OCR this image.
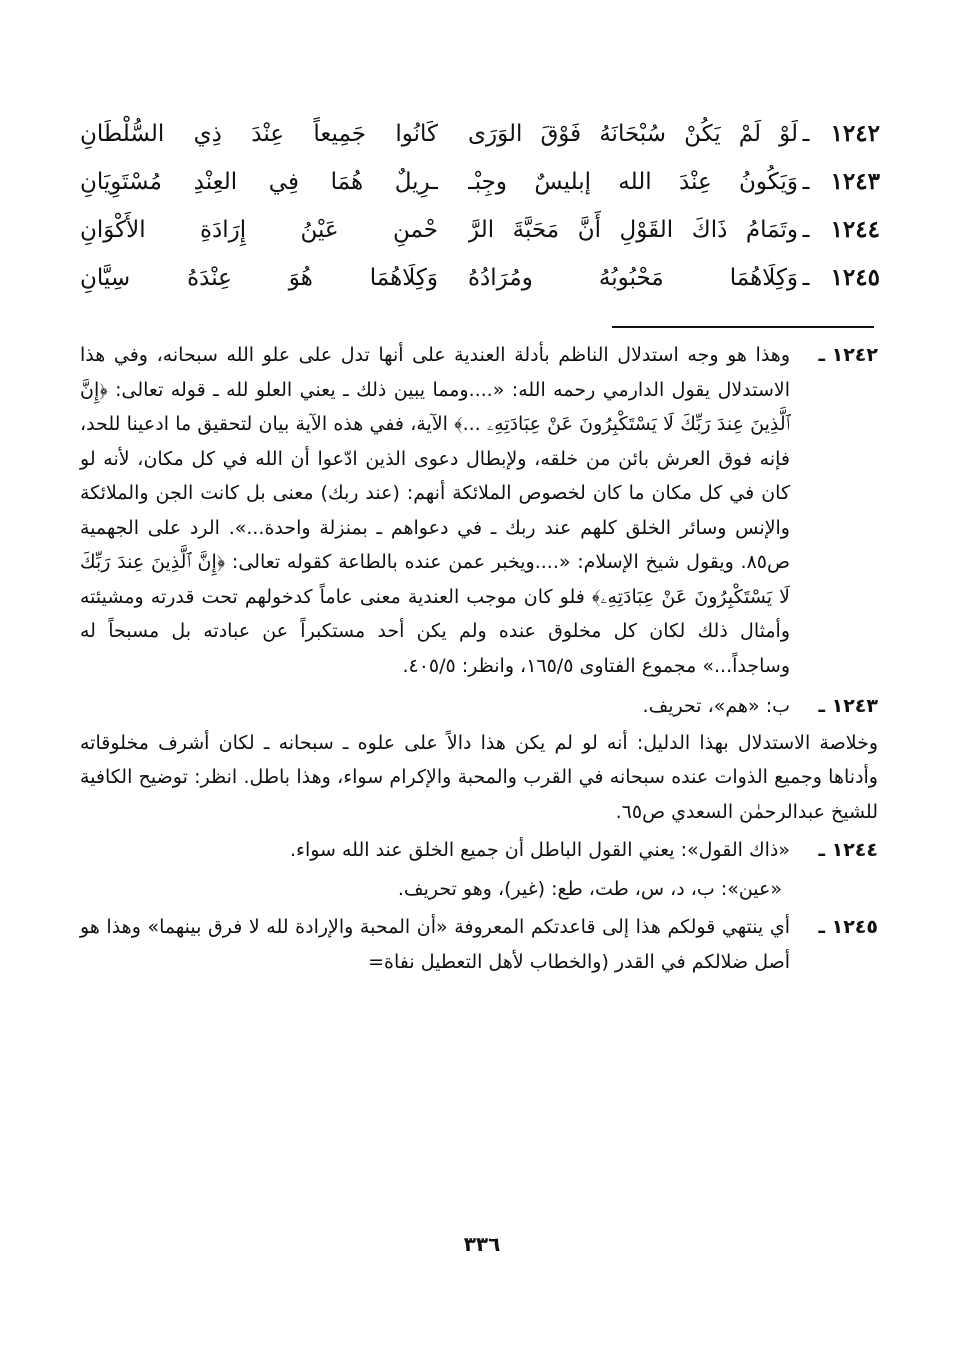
١٢٤٢
ـ
لَوْ لَمْ يَكُنْ سُبْحَانَهُ فَوْقَ الوَرَى
كَانُوا جَمِيعاً عِنْدَ ذِي السُّلْطَانِ
١٢٤٣
ـ
وَيَكُونُ عِنْدَ الله إبليسٌ وجِبْـ
ـرِيلٌ هُمَا فِي العِنْدِ مُسْتَوِيَانِ
١٢٤٤
ـ
وتَمَامُ ذَاكَ القَوْلِ أَنَّ مَحَبَّةَ الرَّ
حْمنِ عَيْنُ إِرَادَةِ الأَكْوَانِ
١٢٤٥
ـ
وَكِلَاهُمَا مَحْبُوبُهُ ومُرَادُهُ
وَكِلَاهُمَا هُوَ عِنْدَهُ سِيَّانِ
١٢٤٢ ـ
وهذا هو وجه استدلال الناظم بأدلة العندية على أنها تدل على علو الله سبحانه، وفي هذا الاستدلال يقول الدارمي رحمه الله: «....ومما يبين ذلك ـ يعني العلو لله ـ قوله تعالى: ﴿إِنَّ ٱلَّذِينَ عِندَ رَبِّكَ لَا يَسْتَكْبِرُونَ عَنْ عِبَادَتِهِۦ ...﴾ الآية، ففي هذه الآية بيان لتحقيق ما ادعينا للحد، فإنه فوق العرش بائن من خلقه، ولإبطال دعوى الذين ادّعوا أن الله في كل مكان، لأنه لو كان في كل مكان ما كان لخصوص الملائكة أنهم: (عند ربك) معنى بل كانت الجن والملائكة والإنس وسائر الخلق كلهم عند ربك ـ في دعواهم ـ بمنزلة واحدة...». الرد على الجهمية ص٨٥. ويقول شيخ الإسلام: «....ويخبر عمن عنده بالطاعة كقوله تعالى: ﴿إِنَّ ٱلَّذِينَ عِندَ رَبِّكَ لَا يَسْتَكْبِرُونَ عَنْ عِبَادَتِهِۦ﴾ فلو كان موجب العندية معنى عاماً كدخولهم تحت قدرته ومشيئته وأمثال ذلك لكان كل مخلوق عنده ولم يكن أحد مستكبراً عن عبادته بل مسبحاً له وساجداً...» مجموع الفتاوى ١٦٥/٥، وانظر: ٤٠٥/٥.
١٢٤٣ ـ
ب: «هم»، تحريف.
وخلاصة الاستدلال بهذا الدليل: أنه لو لم يكن هذا دالاً على علوه ـ سبحانه ـ لكان أشرف مخلوقاته وأدناها وجميع الذوات عنده سبحانه في القرب والمحبة والإكرام سواء، وهذا باطل. انظر: توضيح الكافية للشيخ عبدالرحمٰن السعدي ص٦٥.
١٢٤٤ ـ
«ذاك القول»: يعني القول الباطل أن جميع الخلق عند الله سواء.
«عين»: ب، د، س، طت، طع: (غير)، وهو تحريف.
١٢٤٥ ـ
أي ينتهي قولكم هذا إلى قاعدتكم المعروفة «أن المحبة والإرادة لله لا فرق بينهما» وهذا هو أصل ضلالكم في القدر (والخطاب لأهل التعطيل نفاة=
٣٣٦
